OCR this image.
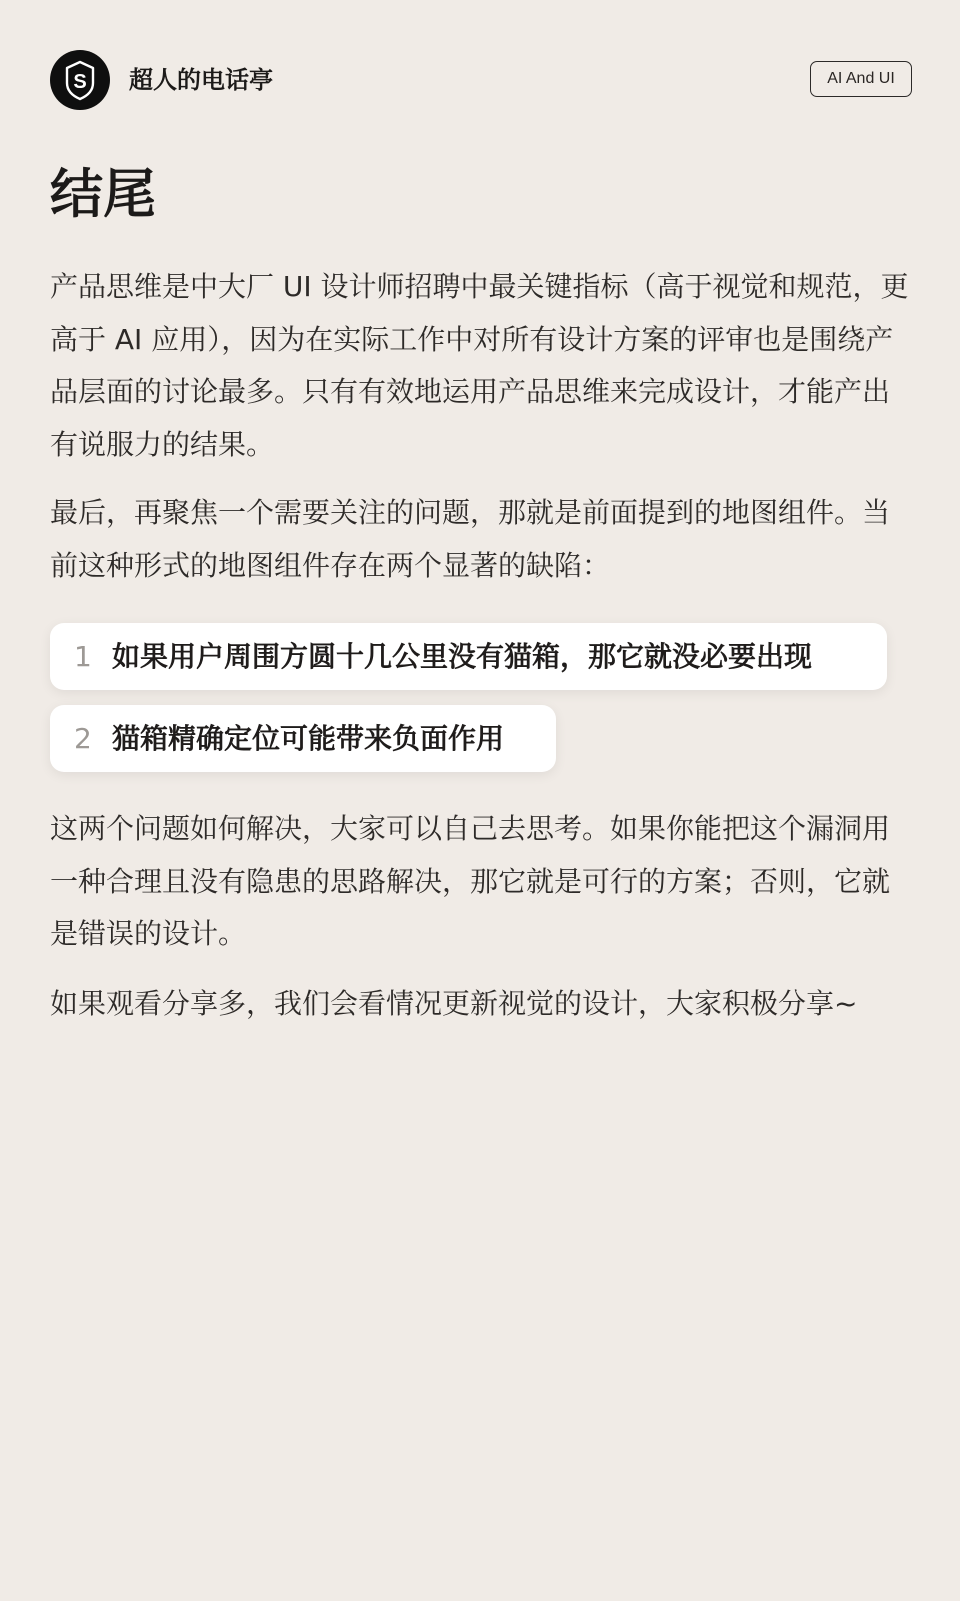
S 超人的电话亭	AI And UI
结尾

产品思维是中大厂 UI 设计师招聘中最关键指标（高于视觉和规范，更高于 AI 应用），因为在实际工作中对所有设计方案的评审也是围绕产品层面的讨论最多。只有有效地运用产品思维来完成设计，才能产出有说服力的结果。

最后，再聚焦一个需要关注的问题，那就是前面提到的地图组件。当前这种形式的地图组件存在两个显著的缺陷：

1 如果用户周围方圆十几公里没有猫箱，那它就没必要出现
2 猫箱精确定位可能带来负面作用

这两个问题如何解决，大家可以自己去思考。如果你能把这个漏洞用一种合理且没有隐患的思路解决，那它就是可行的方案；否则，它就是错误的设计。

如果观看分享多，我们会看情况更新视觉的设计，大家积极分享~
